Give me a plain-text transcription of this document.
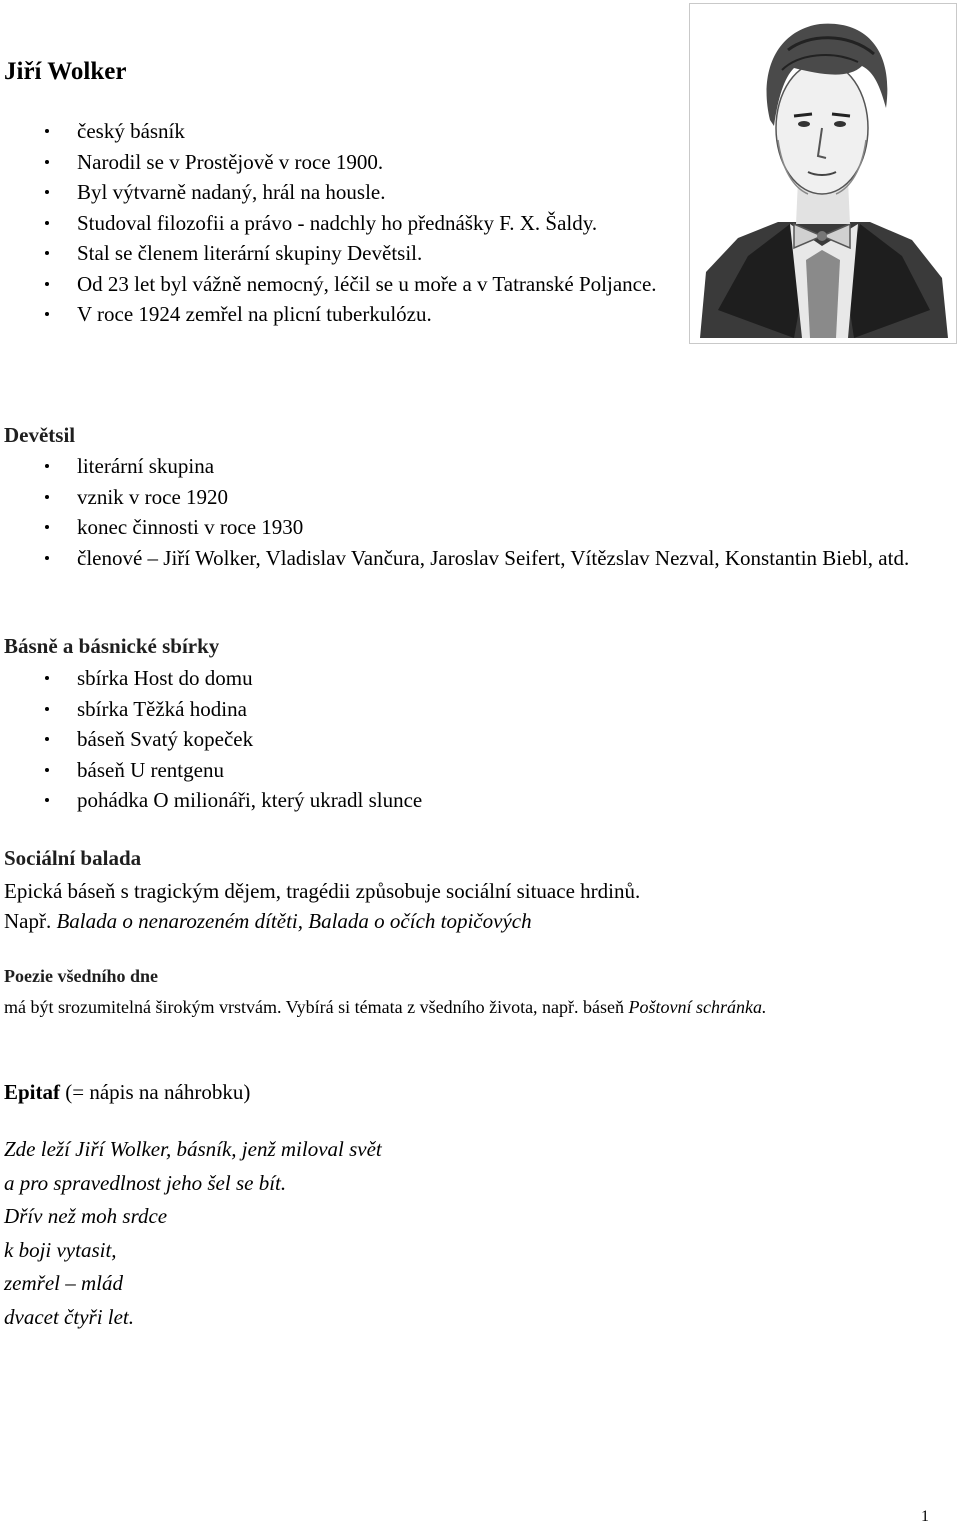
Jiří Wolker
český básník
Narodil se v Prostějově v roce 1900.
Byl výtvarně nadaný, hrál na housle.
Studoval filozofii a právo - nadchly ho přednášky F. X. Šaldy.
Stal se členem literární skupiny Devětsil.
Od 23 let byl vážně nemocný, léčil se u moře a v Tatranské Poljance.
V roce 1924 zemřel na plicní tuberkulózu.
Devětsil
literární skupina
vznik v roce 1920
konec činnosti v roce 1930
členové – Jiří Wolker, Vladislav Vančura, Jaroslav Seifert, Vítězslav Nezval, Konstantin Biebl, atd.
Básně a básnické sbírky
sbírka Host do domu
sbírka Těžká hodina
báseň Svatý kopeček
báseň U rentgenu
pohádka O milionáři, který ukradl slunce
Sociální balada

Epická báseň s tragickým dějem, tragédii způsobuje sociální situace hrdinů.

Např. Balada o nenarozeném dítěti, Balada o očích topičových

Poezie všedního dne

má být srozumitelná širokým vrstvám. Vybírá si témata z všedního života, např. báseň Poštovní schránka.

Epitaf (= nápis na náhrobku)

Zde leží Jiří Wolker, básník, jenž miloval svět
a pro spravedlnost jeho šel se bít.
Dřív než moh srdce
k boji vytasit,
zemřel – mlád
dvacet čtyři let.
1
